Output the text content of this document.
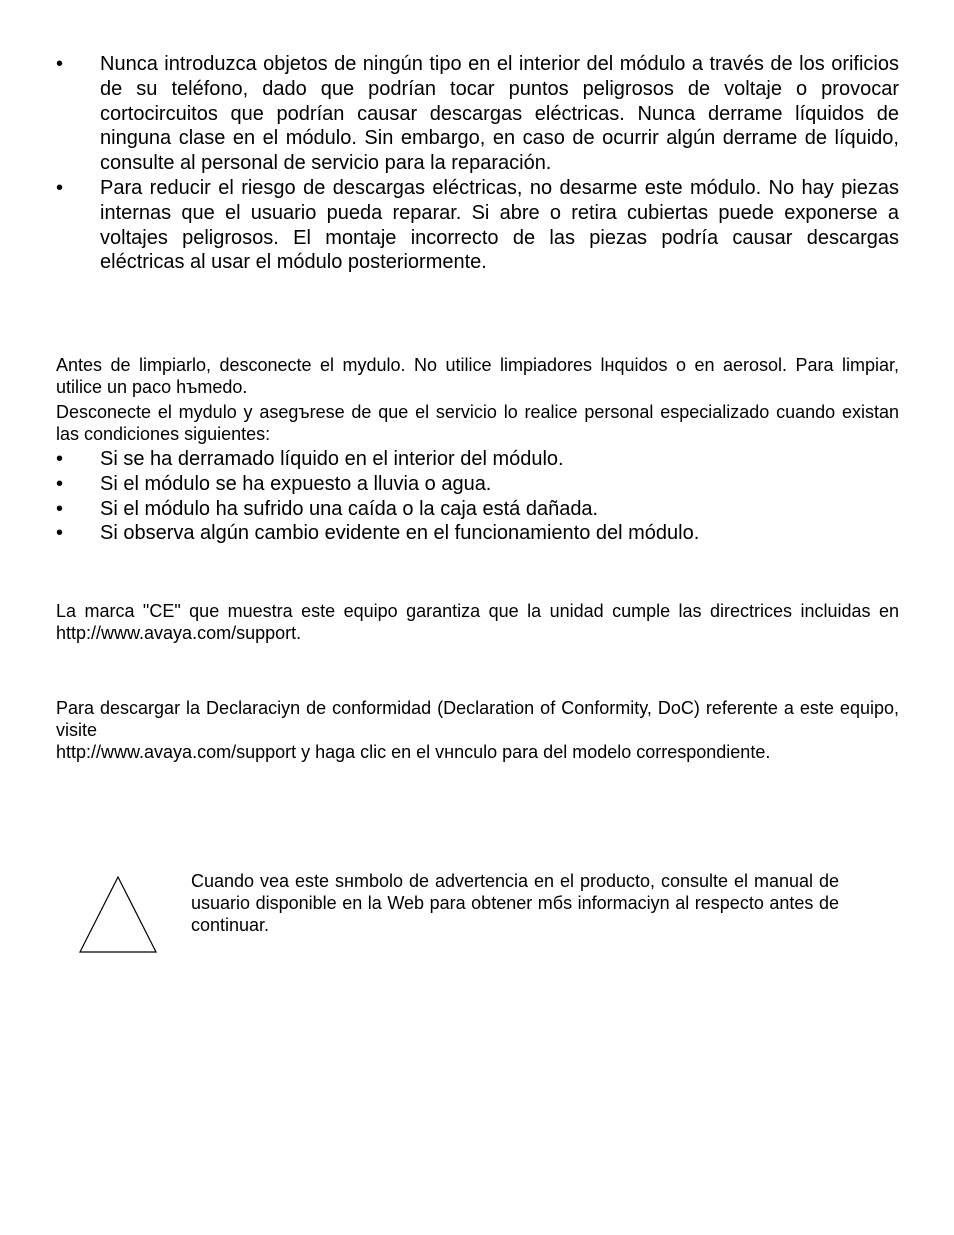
• Nunca introduzca objetos de ningún tipo en el interior del módulo a través de los orificios de su teléfono, dado que podrían tocar puntos peligrosos de voltaje o provocar cortocircuitos que podrían causar descargas eléctricas. Nunca derrame líquidos de ninguna clase en el módulo. Sin embargo, en caso de ocurrir algún derrame de líquido, consulte al personal de servicio para la reparación.
• Para reducir el riesgo de descargas eléctricas, no desarme este módulo. No hay piezas internas que el usuario pueda reparar. Si abre o retira cubiertas puede exponerse a voltajes peligrosos. El montaje incorrecto de las piezas podría causar descargas eléctricas al usar el módulo posteriormente.

Antes de limpiarlo, desconecte el mydulo. No utilice limpiadores lнquidos o en aerosol. Para limpiar, utilice un paco hъmedo.

Desconecte el mydulo y asegъrese de que el servicio lo realice personal especializado cuando existan las condiciones siguientes:

• Si se ha derramado líquido en el interior del módulo.
• Si el módulo se ha expuesto a lluvia o agua.
• Si el módulo ha sufrido una caída o la caja está dañada.
• Si observa algún cambio evidente en el funcionamiento del módulo.

La marca "CE" que muestra este equipo garantiza que la unidad cumple las directrices incluidas en http://www.avaya.com/support.

Para descargar la Declaraciyn de conformidad (Declaration of Conformity, DoC) referente a este equipo, visite

http://www.avaya.com/support y haga clic en el vнnculo para del modelo correspondiente.

Cuando vea este sнmbolo de advertencia en el producto, consulte el manual de usuario disponible en la Web para obtener mбs informaciyn al respecto antes de continuar.
